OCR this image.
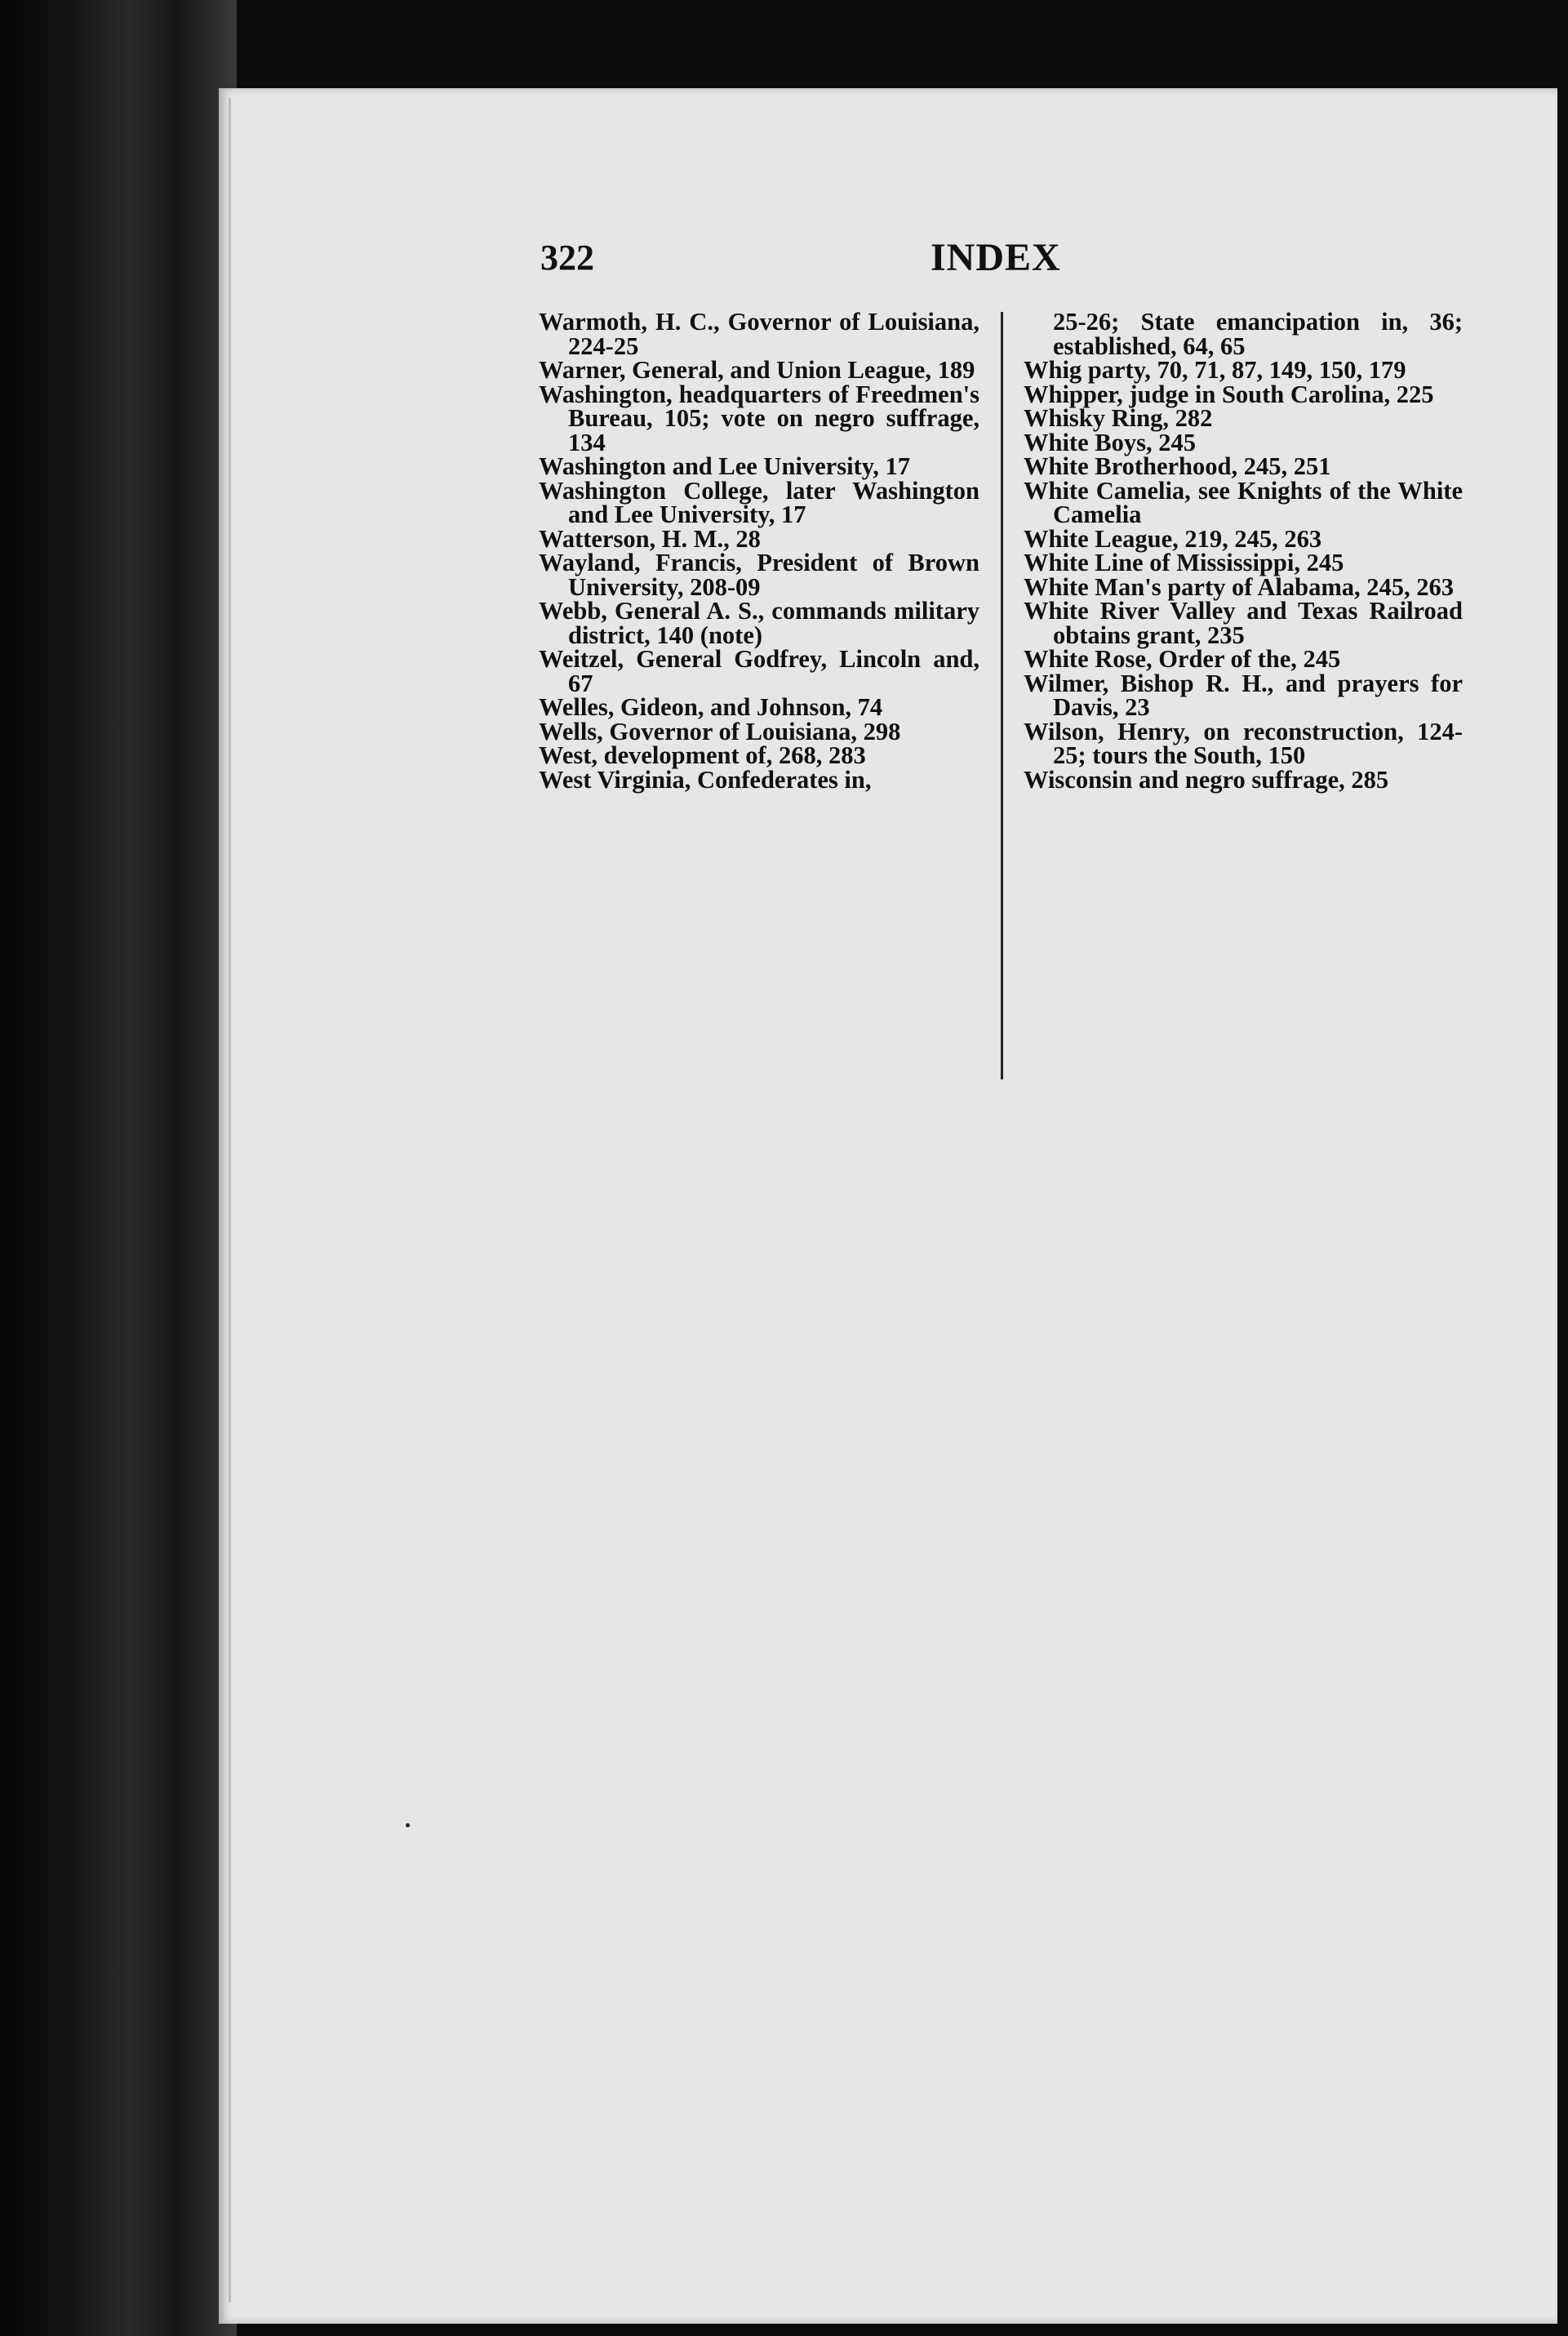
322	INDEX
Warmoth, H. C., Governor of Louisiana, 224-25
Warner, General, and Union League, 189
Washington, headquarters of Freedmen's Bureau, 105; vote on negro suffrage, 134
Washington and Lee University, 17
Washington College, later Washington and Lee University, 17
Watterson, H. M., 28
Wayland, Francis, President of Brown University, 208-09
Webb, General A. S., commands military district, 140 (note)
Weitzel, General Godfrey, Lincoln and, 67
Welles, Gideon, and Johnson, 74
Wells, Governor of Louisiana, 298
West, development of, 268, 283
West Virginia, Confederates in,
25-26; State emancipation in, 36; established, 64, 65
Whig party, 70, 71, 87, 149, 150, 179
Whipper, judge in South Carolina, 225
Whisky Ring, 282
White Boys, 245
White Brotherhood, 245, 251
White Camelia, see Knights of the White Camelia
White League, 219, 245, 263
White Line of Mississippi, 245
White Man's party of Alabama, 245, 263
White River Valley and Texas Railroad obtains grant, 235
White Rose, Order of the, 245
Wilmer, Bishop R. H., and prayers for Davis, 23
Wilson, Henry, on reconstruction, 124-25; tours the South, 150
Wisconsin and negro suffrage, 285
